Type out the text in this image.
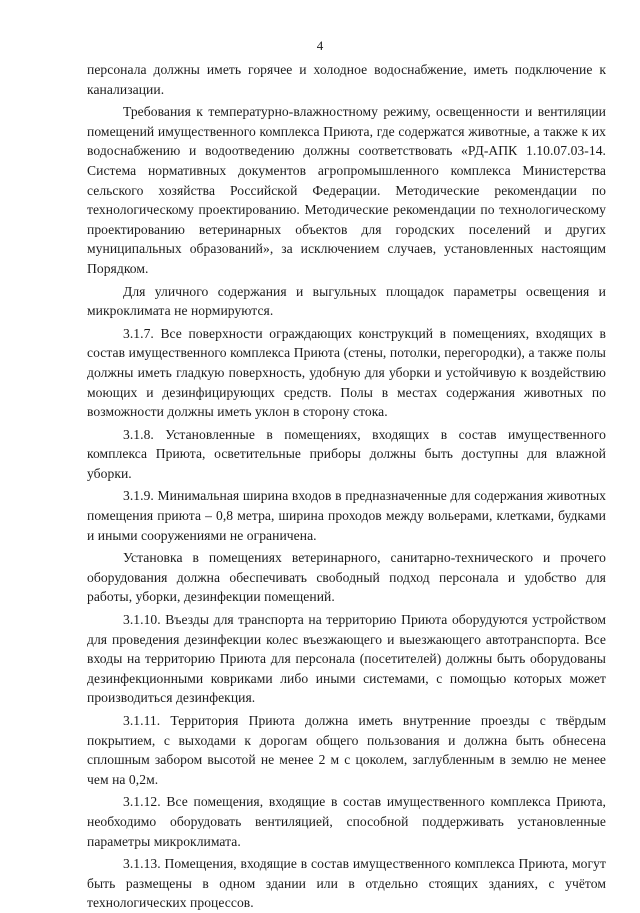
4

персонала должны иметь горячее и холодное водоснабжение, иметь подключение к канализации.

Требования к температурно-влажностному режиму, освещенности и вентиляции помещений имущественного комплекса Приюта, где содержатся животные, а также к их водоснабжению и водоотведению должны соответствовать «РД-АПК 1.10.07.03-14. Система нормативных документов агропромышленного комплекса Министерства сельского хозяйства Российской Федерации. Методические рекомендации по технологическому проектированию. Методические рекомендации по технологическому проектированию ветеринарных объектов для городских поселений и других муниципальных образований», за исключением случаев, установленных настоящим Порядком.

Для уличного содержания и выгульных площадок параметры освещения и микроклимата не нормируются.

3.1.7. Все поверхности ограждающих конструкций в помещениях, входящих в состав имущественного комплекса Приюта (стены, потолки, перегородки), а также полы должны иметь гладкую поверхность, удобную для уборки и устойчивую к воздействию моющих и дезинфицирующих средств. Полы в местах содержания животных по возможности должны иметь уклон в сторону стока.

3.1.8. Установленные в помещениях, входящих в состав имущественного комплекса Приюта, осветительные приборы должны быть доступны для влажной уборки.

3.1.9. Минимальная ширина входов в предназначенные для содержания животных помещения приюта – 0,8 метра, ширина проходов между вольерами, клетками, будками и иными сооружениями не ограничена.

Установка в помещениях ветеринарного, санитарно-технического и прочего оборудования должна обеспечивать свободный подход персонала и удобство для работы, уборки, дезинфекции помещений.

3.1.10. Въезды для транспорта на территорию Приюта оборудуются устройством для проведения дезинфекции колес въезжающего и выезжающего автотранспорта. Все входы на территорию Приюта для персонала (посетителей) должны быть оборудованы дезинфекционными ковриками либо иными системами, с помощью которых может производиться дезинфекция.

3.1.11. Территория Приюта должна иметь внутренние проезды с твёрдым покрытием, с выходами к дорогам общего пользования и должна быть обнесена сплошным забором высотой не менее 2 м с цоколем, заглубленным в землю не менее чем на 0,2м.

3.1.12. Все помещения, входящие в состав имущественного комплекса Приюта, необходимо оборудовать вентиляцией, способной поддерживать установленные параметры микроклимата.

3.1.13. Помещения, входящие в состав имущественного комплекса Приюта, могут быть размещены в одном здании или в отдельно стоящих зданиях, с учётом технологических процессов.
